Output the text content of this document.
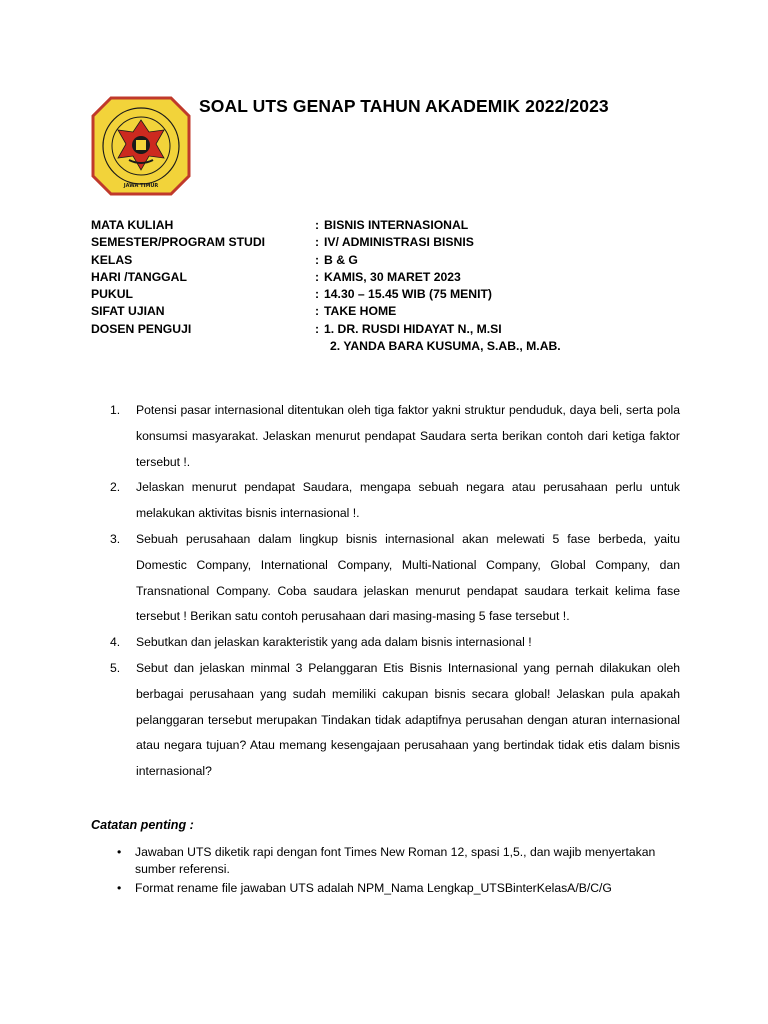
JAWA TIMUR
SOAL UTS GENAP TAHUN AKADEMIK 2022/2023
MATA KULIAH	: BISNIS INTERNASIONAL
SEMESTER/PROGRAM STUDI	: IV/ ADMINISTRASI BISNIS
KELAS	: B & G
HARI /TANGGAL	: KAMIS, 30 MARET 2023
PUKUL	: 14.30 – 15.45 WIB (75 MENIT)
SIFAT UJIAN	: TAKE HOME
DOSEN PENGUJI	: 1. DR. RUSDI HIDAYAT N., M.SI
2. YANDA BARA KUSUMA, S.AB., M.AB.
1. Potensi pasar internasional ditentukan oleh tiga faktor yakni struktur penduduk, daya beli, serta pola konsumsi masyarakat. Jelaskan menurut pendapat Saudara serta berikan contoh dari ketiga faktor tersebut !.
2. Jelaskan menurut pendapat Saudara, mengapa sebuah negara atau perusahaan perlu untuk melakukan aktivitas bisnis internasional !.
3. Sebuah perusahaan dalam lingkup bisnis internasional akan melewati 5 fase berbeda, yaitu Domestic Company, International Company, Multi-National Company, Global Company, dan Transnational Company. Coba saudara jelaskan menurut pendapat saudara terkait kelima fase tersebut ! Berikan satu contoh perusahaan dari masing-masing 5 fase tersebut !.
4. Sebutkan dan jelaskan karakteristik yang ada dalam bisnis internasional !
5. Sebut dan jelaskan minmal 3 Pelanggaran Etis Bisnis Internasional yang pernah dilakukan oleh berbagai perusahaan yang sudah memiliki cakupan bisnis secara global! Jelaskan pula apakah pelanggaran tersebut merupakan Tindakan tidak adaptifnya perusahan dengan aturan internasional atau negara tujuan? Atau memang kesengajaan perusahaan yang bertindak tidak etis dalam bisnis internasional?
Catatan penting :
• Jawaban UTS diketik rapi dengan font Times New Roman 12, spasi 1,5., dan wajib menyertakan sumber referensi.
• Format rename file jawaban UTS adalah NPM_Nama Lengkap_UTSBinterKelasA/B/C/G
